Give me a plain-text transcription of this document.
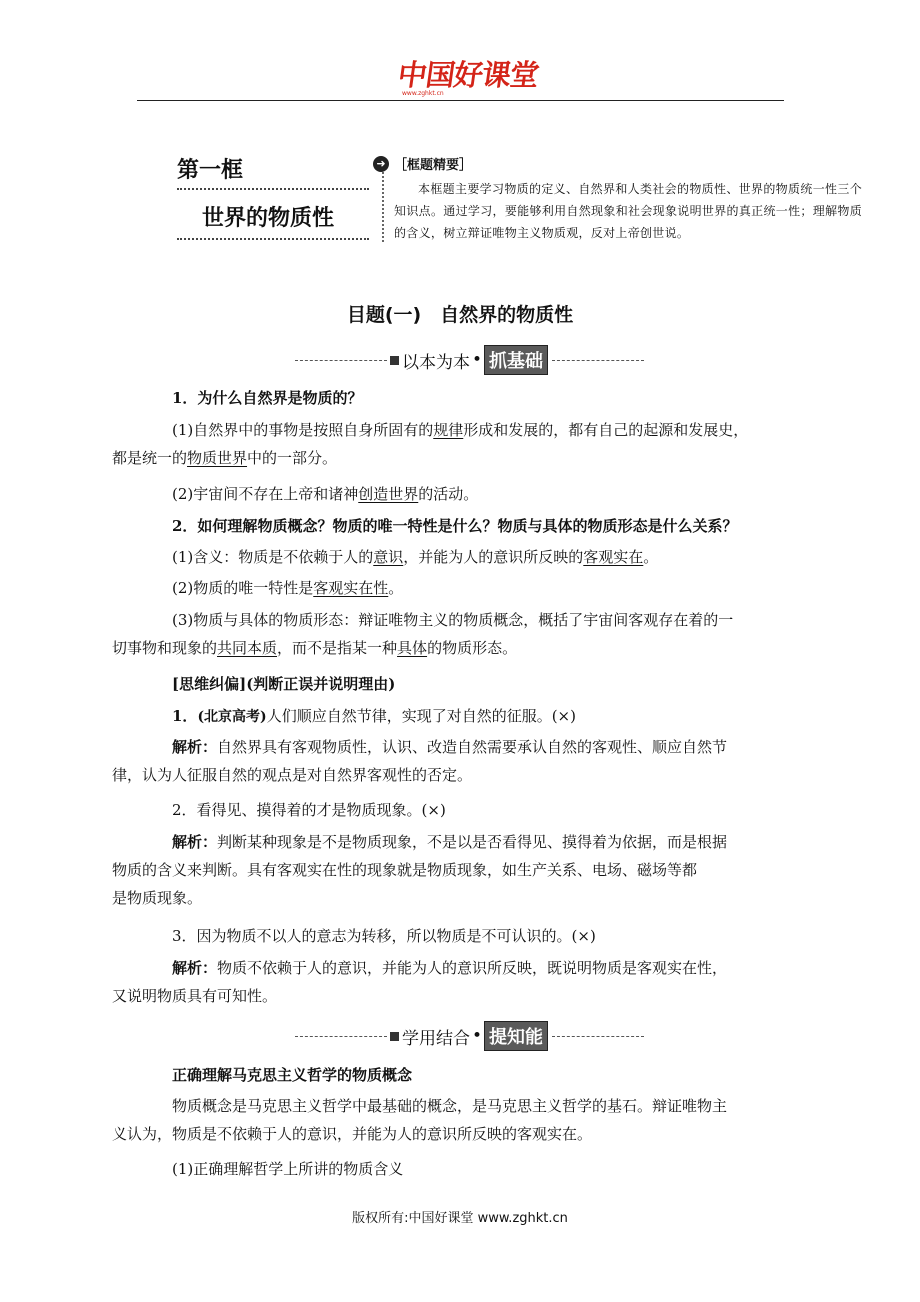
中国好课堂
www.zghkt.cn
第一框
世界的物质性
➜ ［框题精要］
本框题主要学习物质的定义、自然界和人类社会的物质性、世界的物质统一性三个知识点。通过学习，要能够利用自然现象和社会现象说明世界的真正统一性；理解物质的含义，树立辩证唯物主义物质观，反对上帝创世说。
目题(一)　自然界的物质性
以本为本 • 抓基础
1．为什么自然界是物质的？
(1)自然界中的事物是按照自身所固有的规律形成和发展的，都有自己的起源和发展史，
都是统一的物质世界中的一部分。
(2)宇宙间不存在上帝和诸神创造世界的活动。
2．如何理解物质概念？物质的唯一特性是什么？物质与具体的物质形态是什么关系？
(1)含义：物质是不依赖于人的意识，并能为人的意识所反映的客观实在。
(2)物质的唯一特性是客观实在性。
(3)物质与具体的物质形态：辩证唯物主义的物质概念，概括了宇宙间客观存在着的一
切事物和现象的共同本质，而不是指某一种具体的物质形态。
[思维纠偏](判断正误并说明理由)
1．(北京高考)人们顺应自然节律，实现了对自然的征服。(×)
解析：自然界具有客观物质性，认识、改造自然需要承认自然的客观性、顺应自然节
律，认为人征服自然的观点是对自然界客观性的否定。
2．看得见、摸得着的才是物质现象。(×)
解析：判断某种现象是不是物质现象，不是以是否看得见、摸得着为依据，而是根据
物质的含义来判断。具有客观实在性的现象就是物质现象，如生产关系、电场、磁场等都
是物质现象。
3．因为物质不以人的意志为转移，所以物质是不可认识的。(×)
解析：物质不依赖于人的意识，并能为人的意识所反映，既说明物质是客观实在性，
又说明物质具有可知性。
学用结合 • 提知能
正确理解马克思主义哲学的物质概念
物质概念是马克思主义哲学中最基础的概念，是马克思主义哲学的基石。辩证唯物主
义认为，物质是不依赖于人的意识，并能为人的意识所反映的客观实在。
(1)正确理解哲学上所讲的物质含义
版权所有:中国好课堂 www.zghkt.cn
